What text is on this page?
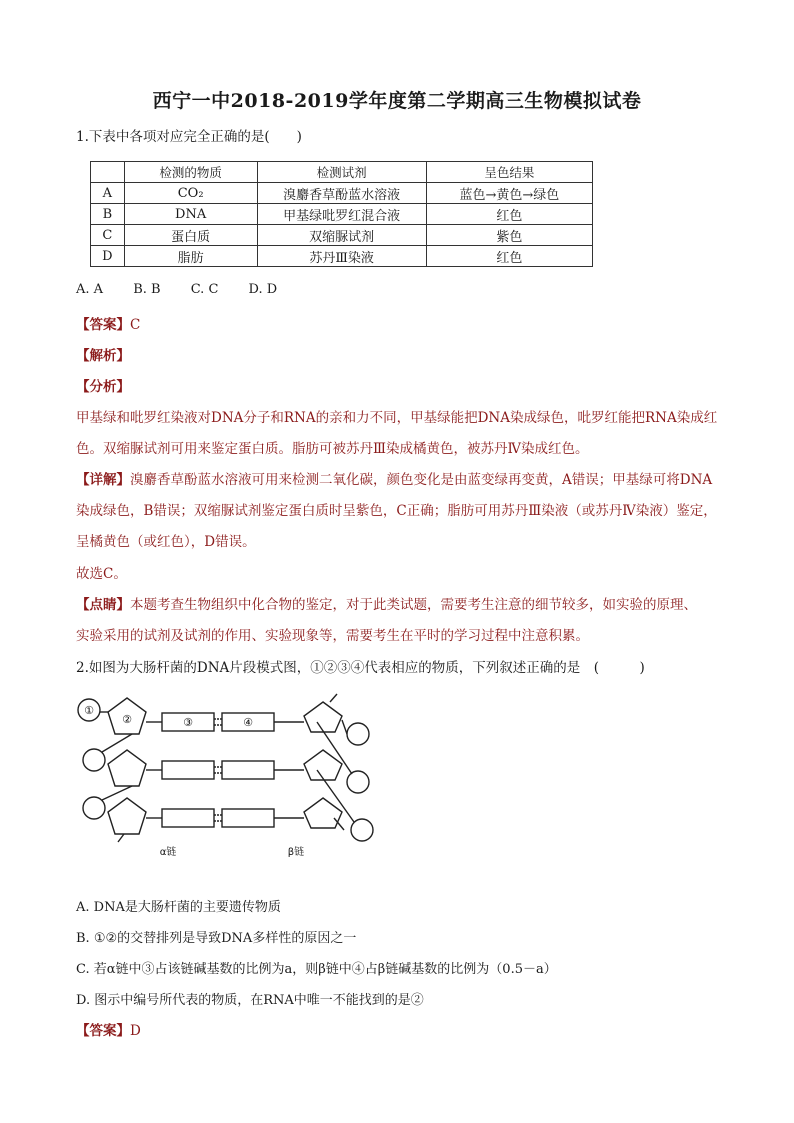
西宁一中2018-2019学年度第二学期高三生物模拟试卷
1.下表中各项对应完全正确的是(　　)
	检测的物质	检测试剂	呈色结果
A	CO₂	溴麝香草酚蓝水溶液	蓝色→黄色→绿色
B	DNA	甲基绿吡罗红混合液	红色
C	蛋白质	双缩脲试剂	紫色
D	脂肪	苏丹Ⅲ染液	红色
A. A B. B C. C D. D
【答案】C
【解析】
【分析】
甲基绿和吡罗红染液对DNA分子和RNA的亲和力不同，甲基绿能把DNA染成绿色，吡罗红能把RNA染成红
色。双缩脲试剂可用来鉴定蛋白质。脂肪可被苏丹Ⅲ染成橘黄色，被苏丹Ⅳ染成红色。
【详解】溴麝香草酚蓝水溶液可用来检测二氧化碳，颜色变化是由蓝变绿再变黄，A错误；甲基绿可将DNA
染成绿色，B错误；双缩脲试剂鉴定蛋白质时呈紫色，C正确；脂肪可用苏丹Ⅲ染液（或苏丹Ⅳ染液）鉴定，
呈橘黄色（或红色），D错误。
故选C。
【点睛】本题考查生物组织中化合物的鉴定，对于此类试题，需要考生注意的细节较多，如实验的原理、
实验采用的试剂及试剂的作用、实验现象等，需要考生在平时的学习过程中注意积累。
2.如图为大肠杆菌的DNA片段模式图，①②③④代表相应的物质，下列叙述正确的是　(　　　)
①
②	③	④
α链	β链
A. DNA是大肠杆菌的主要遗传物质
B. ①②的交替排列是导致DNA多样性的原因之一
C. 若α链中③占该链碱基数的比例为a，则β链中④占β链碱基数的比例为（0.5－a）
D. 图示中编号所代表的物质，在RNA中唯一不能找到的是②
【答案】D
